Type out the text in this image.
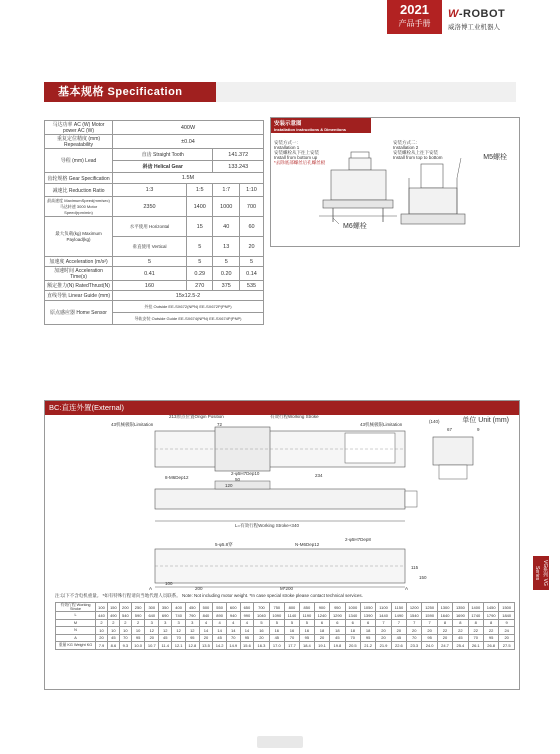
2021
产品手册
W-ROBOT
威洛博工业机器人
基本规格 Specification
马达功率 AC (W) Motor power AC (W)	400W			
重复定位精度 (mm) Repeatability	±0.04			
导程 (mm) Lead	直齿 Straight Tooth		141.372	
	斜齿 Helical Gear		133.243	
齿轮规格 Gear Specification	1.5M			
减速比 Reduction Ratio	1:3	1:5	1:7	1:10
最高速度 MaximumSpeed(mm/sec) 马达转速 3000 Motor Speed(rpm/min)	2350	1400	1000	700

最大负载(kg) Maximum Payload(kg)	水平使用 Horizontal	15	40	60
	垂直使用 Vertical	5	13	20
加速度 Acceleration (m/s²)	5	5	5	5
加速时间 Acceleration Time(s)	0.41	0.29	0.20	0.14
额定推力(N) RatedThrust(N)	160	270	375	535
直线导轨 Linear Guide (mm)	15x12.5-2			
原点感应器 Home Sensor	外挂 Outside EE-SX672(NPN) EE-SX672P(PNP)			
	导轨安装 Outside Guide EE-SX674(NPN) EE-SX674P(PNP)			
安装示意图
Installation instructions & Dimentions
安装方式一：
Installation 1
安装螺栓从下往上安装
Install from bottom up
*去除底部螺丝后孔螺丝板
安装方式二：
Installation 2
安装螺栓从上往下安装
Install from top to bottom	M5螺栓
M6螺栓
BC:直连外置(External)
单位 Unit (mm)
213原点位置Origin Position	有效行程Working Stroke
43机械极限Limitation	43机械极限Limitation
72
(140)
67	9
234
8-M6Dep12
2-φ5H7Dep10
50
120
L=有效行程Working Stroke+340
5-φ5.8穿	N-M6Dep12
2-φ5H7Dep8
100
200	M*200
A	A
115
150
注:以下不含电机重量。 *如有特殊行程请向当地代理人员联系。 Note: Not including motor weight. *In case special stroke please contact technical services.
有效行程 Working Stroke	100	150	200	250	300	350	400	450	500	550	600	650	700	750	800	850	900	950	1000	1050	1100	1150	1200	1250	1300	1350	1400	1450	1500
L	440	490	540	590	640	690	740	790	840	890	940	990	1040	1090	1140	1190	1240	1290	1340	1390	1440	1490	1540	1590	1640	1690	1740	1790	1840
M	2	2	2	2	3	3	3	3	4	4	4	4	5	5	5	5	6	6	6	6	7	7	7	7	8	8	8	8	9
N	10	10	10	10	12	12	12	12	14	14	14	14	16	16	16	16	18	18	18	18	20	20	20	20	22	22	22	22	24
A	20	45	70	95	20	45	70	95	20	45	70	95	20	45	70	95	20	45	70	95	20	45	70	95	20	45	70	95	20
重量 KG Weight KG	7.9	8.6	9.3	10.0	10.7	11.4	12.1	12.8	13.5	14.2	14.9	15.6	16.3	17.0	17.7	18.4	19.1	19.8	20.5	21.2	21.9	22.6	23.3	24.0	24.7	25.4	26.1	26.8	27.5
VG系列 VG Series
